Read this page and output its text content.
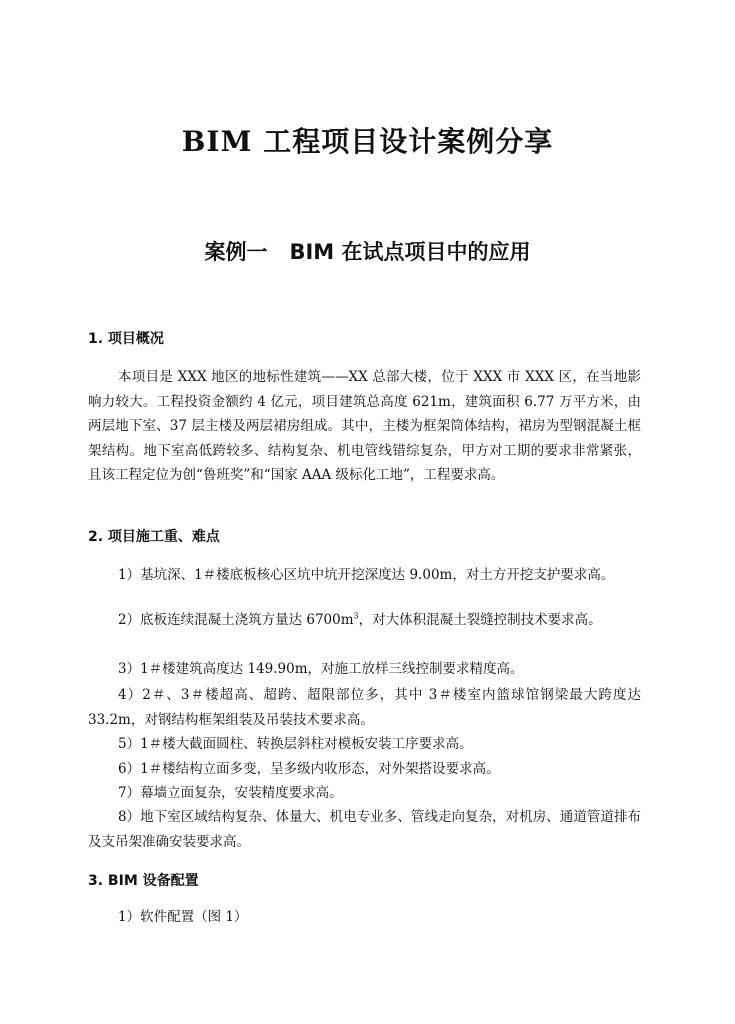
BIM 工程项目设计案例分享
案例一 BIM 在试点项目中的应用
1. 项目概况

本项目是 XXX 地区的地标性建筑——XX 总部大楼，位于 XXX 市 XXX 区，在当地影响力较大。工程投资金额约 4 亿元，项目建筑总高度 621m，建筑面积 6.77 万平方米，由两层地下室、37 层主楼及两层裙房组成。其中，主楼为框架筒体结构，裙房为型钢混凝土框架结构。地下室高低跨较多、结构复杂、机电管线错综复杂，甲方对工期的要求非常紧张，且该工程定位为创“鲁班奖”和“国家 AAA 级标化工地”，工程要求高。

2. 项目施工重、难点

1）基坑深、1＃楼底板核心区坑中坑开挖深度达 9.00m，对土方开挖支护要求高。

2）底板连续混凝土浇筑方量达 $6700m^3$，对大体积混凝土裂缝控制技术要求高。

3）1＃楼建筑高度达 149.90m，对施工放样三线控制要求精度高。

4）2＃、3＃楼超高、超跨、超限部位多，其中 3＃楼室内篮球馆钢梁最大跨度达 33.2m，对钢结构框架组装及吊装技术要求高。

5）1＃楼大截面圆柱、转换层斜柱对模板安装工序要求高。

6）1＃楼结构立面多变，呈多级内收形态，对外架搭设要求高。

7）幕墙立面复杂，安装精度要求高。

8）地下室区域结构复杂、体量大、机电专业多、管线走向复杂，对机房、通道管道排布及支吊架准确安装要求高。

3. BIM 设备配置

1）软件配置（图 1）
